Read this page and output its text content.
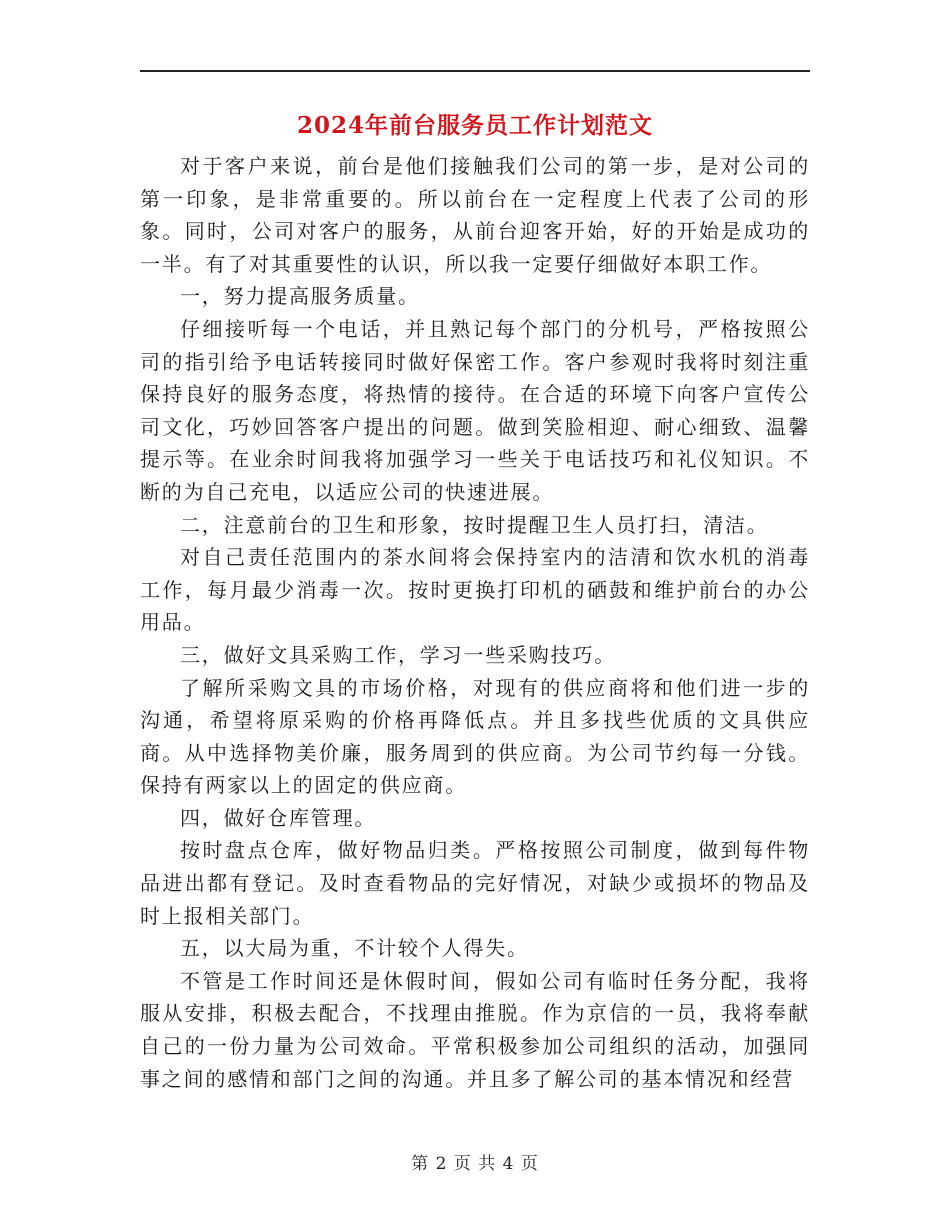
2024年前台服务员工作计划范文

对于客户来说，前台是他们接触我们公司的第一步，是对公司的第一印象，是非常重要的。所以前台在一定程度上代表了公司的形象。同时，公司对客户的服务，从前台迎客开始，好的开始是成功的一半。有了对其重要性的认识，所以我一定要仔细做好本职工作。

一，努力提高服务质量。

仔细接听每一个电话，并且熟记每个部门的分机号，严格按照公司的指引给予电话转接同时做好保密工作。客户参观时我将时刻注重保持良好的服务态度，将热情的接待。在合适的环境下向客户宣传公司文化，巧妙回答客户提出的问题。做到笑脸相迎、耐心细致、温馨提示等。在业余时间我将加强学习一些关于电话技巧和礼仪知识。不断的为自己充电，以适应公司的快速进展。

二，注意前台的卫生和形象，按时提醒卫生人员打扫，清洁。

对自己责任范围内的茶水间将会保持室内的洁清和饮水机的消毒工作，每月最少消毒一次。按时更换打印机的硒鼓和维护前台的办公用品。

三，做好文具采购工作，学习一些采购技巧。

了解所采购文具的市场价格，对现有的供应商将和他们进一步的沟通，希望将原采购的价格再降低点。并且多找些优质的文具供应商。从中选择物美价廉，服务周到的供应商。为公司节约每一分钱。保持有两家以上的固定的供应商。

四，做好仓库管理。

按时盘点仓库，做好物品归类。严格按照公司制度，做到每件物品进出都有登记。及时查看物品的完好情况，对缺少或损坏的物品及时上报相关部门。

五，以大局为重，不计较个人得失。

不管是工作时间还是休假时间，假如公司有临时任务分配，我将服从安排，积极去配合，不找理由推脱。作为京信的一员，我将奉献自己的一份力量为公司效命。平常积极参加公司组织的活动，加强同事之间的感情和部门之间的沟通。并且多了解公司的基本情况和经营

第 2 页 共 4 页
